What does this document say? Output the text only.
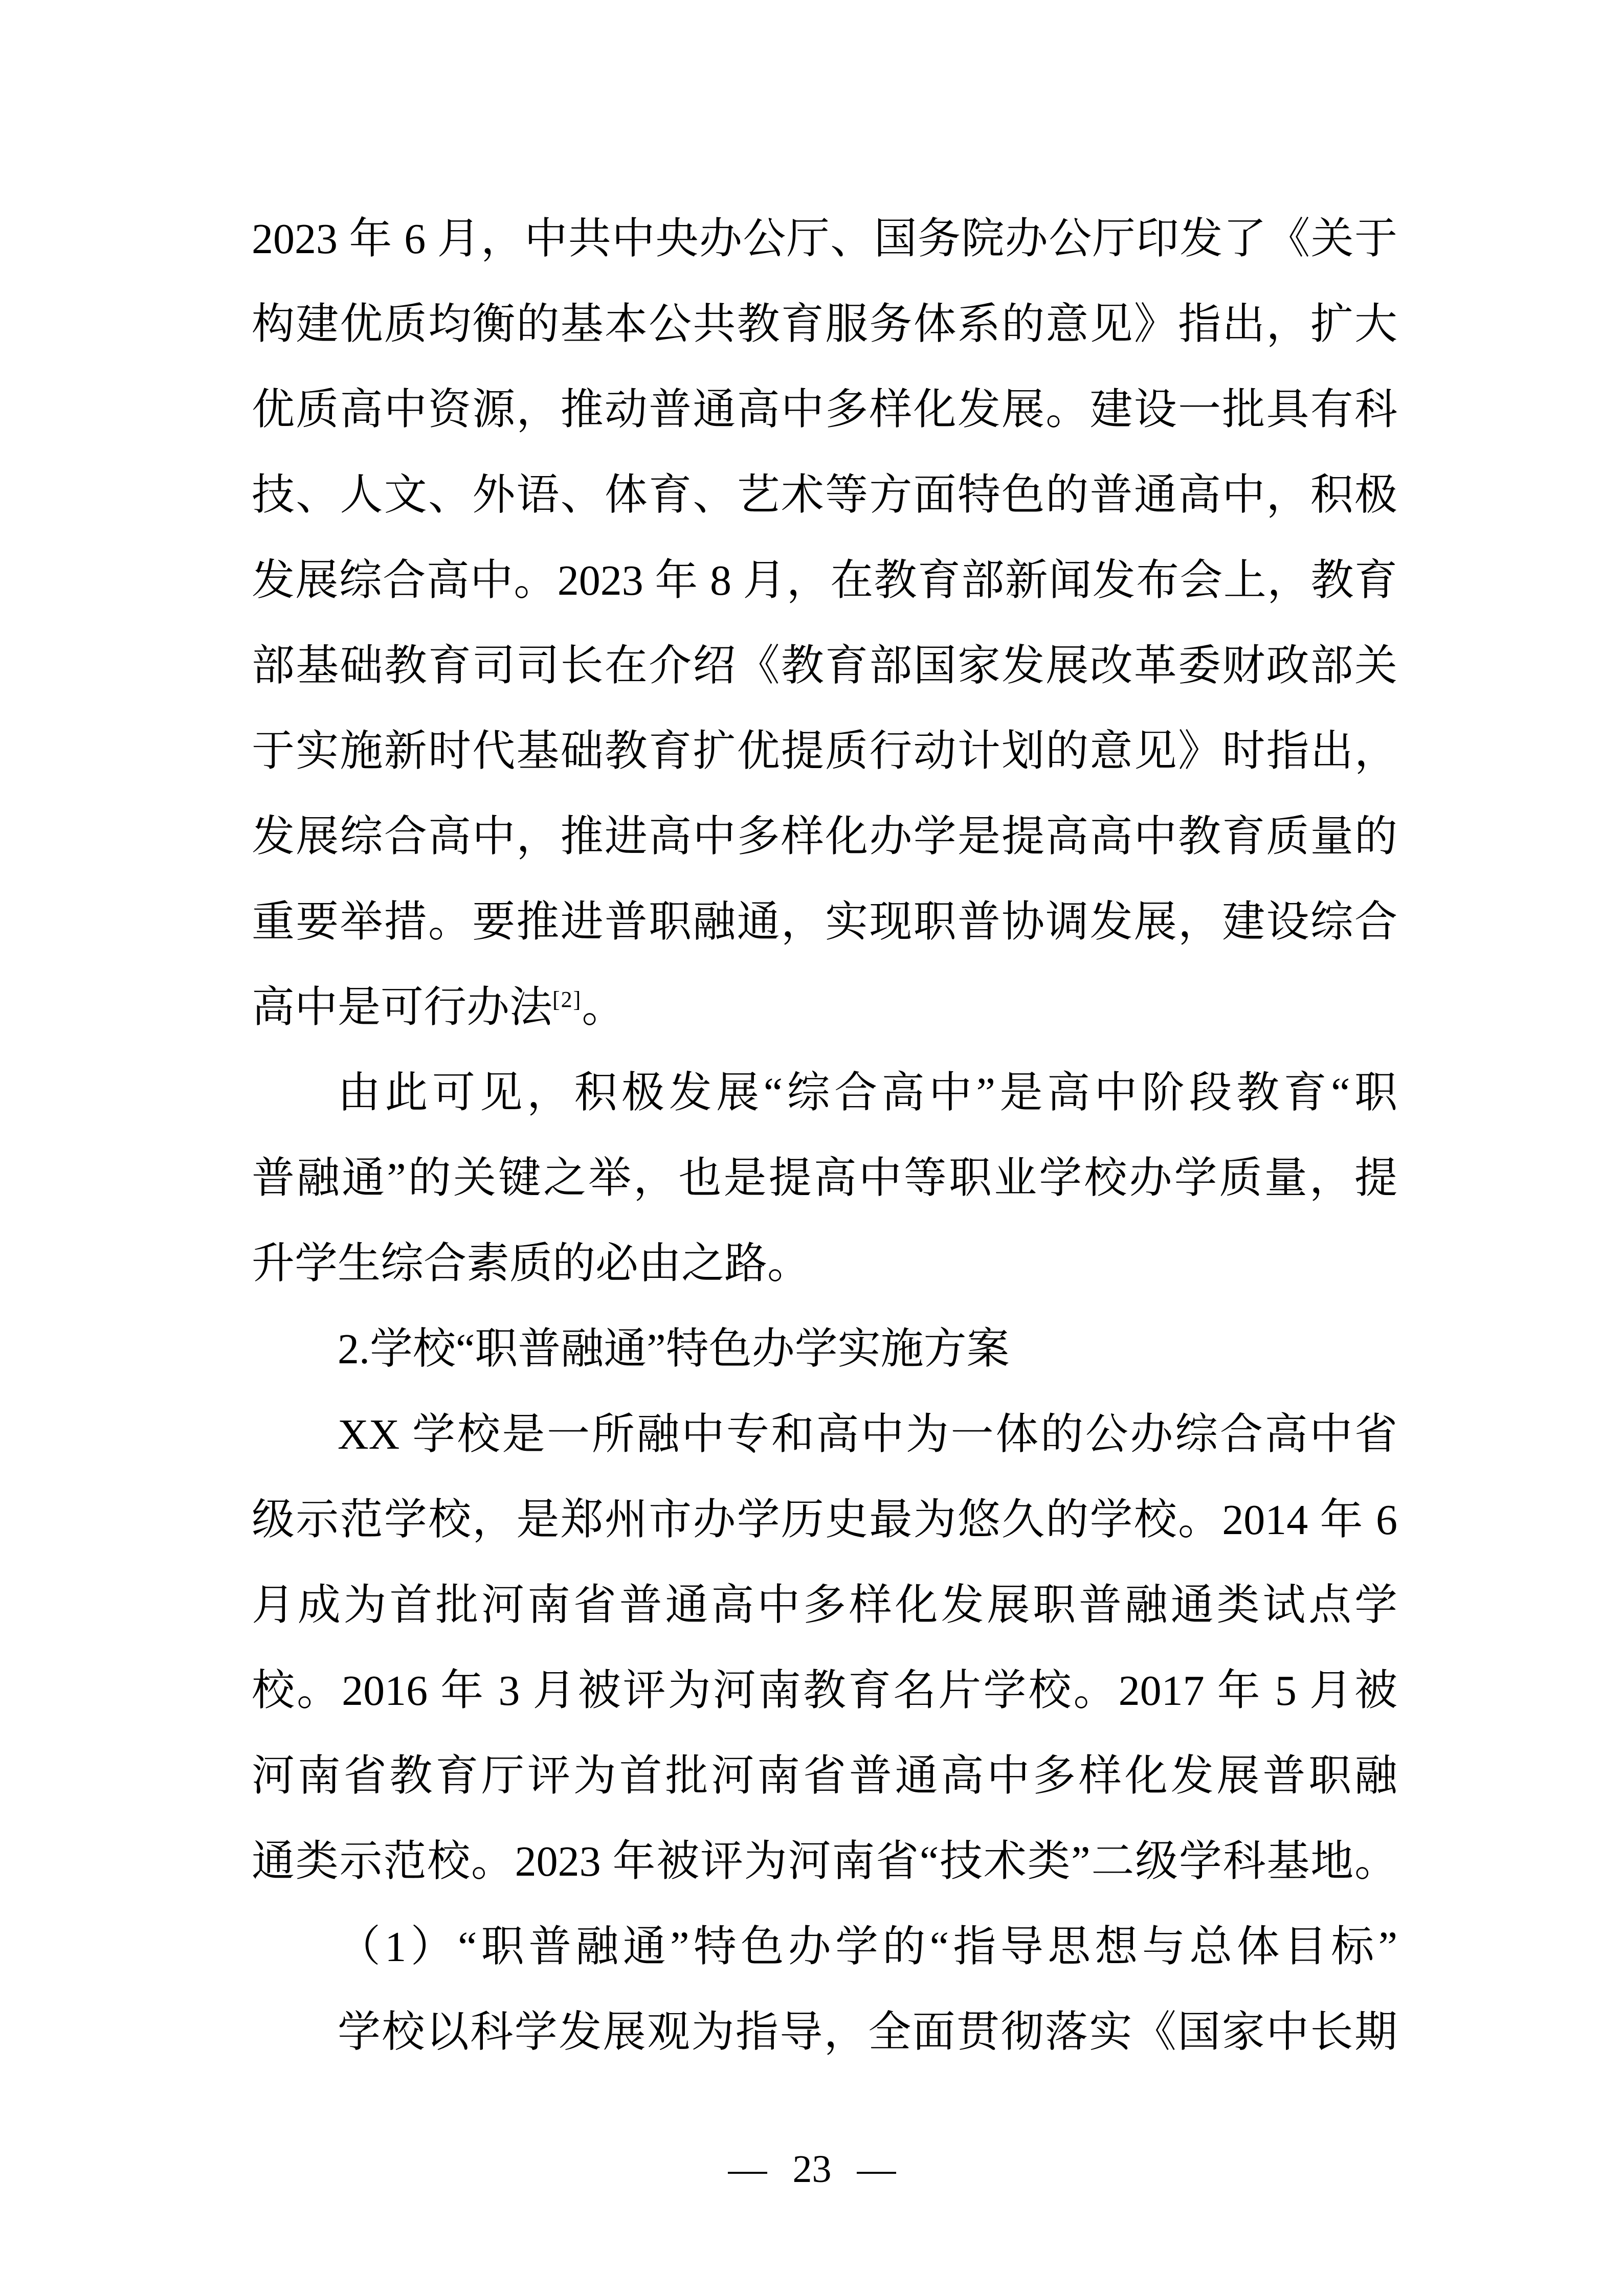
2023 年 6 月，中共中央办公厅、国务院办公厅印发了《关于
构建优质均衡的基本公共教育服务体系的意见》指出，扩大
优质高中资源，推动普通高中多样化发展。建设一批具有科
技、人文、外语、体育、艺术等方面特色的普通高中，积极
发展综合高中。2023 年 8 月，在教育部新闻发布会上，教育
部基础教育司司长在介绍《教育部国家发展改革委财政部关
于实施新时代基础教育扩优提质行动计划的意见》时指出，
发展综合高中，推进高中多样化办学是提高高中教育质量的
重要举措。要推进普职融通，实现职普协调发展，建设综合
高中是可行办法[2]。
由此可见，积极发展“综合高中”是高中阶段教育“职
普融通”的关键之举，也是提高中等职业学校办学质量，提
升学生综合素质的必由之路。
2.学校“职普融通”特色办学实施方案
XX 学校是一所融中专和高中为一体的公办综合高中省
级示范学校，是郑州市办学历史最为悠久的学校。2014 年 6
月成为首批河南省普通高中多样化发展职普融通类试点学
校。2016 年 3 月被评为河南教育名片学校。2017 年 5 月被
河南省教育厅评为首批河南省普通高中多样化发展普职融
通类示范校。2023 年被评为河南省“技术类”二级学科基地。
（1）“职普融通”特色办学的“指导思想与总体目标”
学校以科学发展观为指导，全面贯彻落实《国家中长期
— 23 —
